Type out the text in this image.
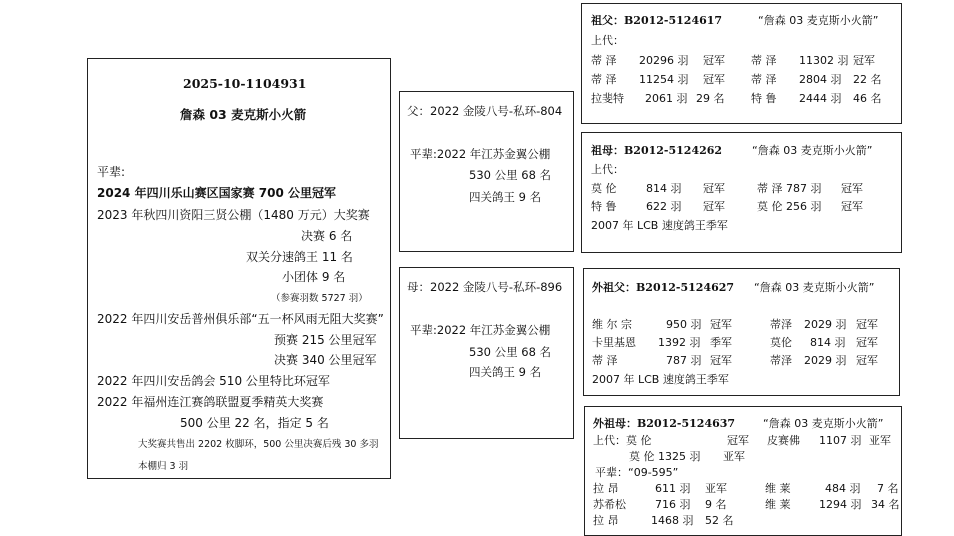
2025-10-1104931
詹森 03 麦克斯小火箭
平辈:
2024 年四川乐山赛区国家赛 700 公里冠军
2023 年秋四川资阳三贤公棚（1480 万元）大奖赛
决赛 6 名
双关分速鸽王 11 名
小团体 9 名
（参赛羽数 5727 羽）
2022 年四川安岳普州俱乐部“五一杯风雨无阻大奖赛”
预赛 215 公里冠军
决赛 340 公里冠军
2022 年四川安岳鸽会 510 公里特比环冠军
2022 年福州连江赛鸽联盟夏季精英大奖赛
500 公里 22 名，指定 5 名
大奖赛共售出 2202 枚脚环，500 公里决赛后残 30 多羽
本棚归 3 羽
父：2022 金陵八号-私环-804
平辈:2022 年江苏金翼公棚
530 公里 68 名
四关鸽王 9 名
母：2022 金陵八号-私环-896
平辈:2022 年江苏金翼公棚
530 公里 68 名
四关鸽王 9 名
祖父：B2012-5124617	“詹森 03 麦克斯小火箭”
上代：
蒂 泽 20296 羽 冠军 蒂 泽 11302 羽 冠军
蒂 泽 11254 羽 冠军 蒂 泽 2804 羽 22 名
拉斐特 2061 羽 29 名 特 鲁 2444 羽 46 名
祖母：B2012-5124262	“詹森 03 麦克斯小火箭”
上代：
莫 伦	814 羽 冠军	蒂 泽 787 羽 冠军
特 鲁	622 羽 冠军	莫 伦 256 羽 冠军
2007 年 LCB 速度鸽王季军
外祖父：B2012-5124627 “詹森 03 麦克斯小火箭”
维 尔 宗	950 羽 冠军	蒂泽 2029 羽 冠军
卡里基恩 1392 羽 季军	莫伦 814 羽 冠军
蒂 泽	787 羽 冠军	蒂泽 2029 羽 冠军
2007 年 LCB 速度鸽王季军
外祖母：B2012-5124637	“詹森 03 麦克斯小火箭”
上代：莫 伦	冠军 皮赛佛 1107 羽 亚军
莫 伦 1325 羽 亚军
平辈：“09-595”
拉 昂	611 羽 亚军	维 莱	484 羽 7 名
苏希松	716 羽 9 名	维 莱	1294 羽 34 名
拉 昂	1468 羽 52 名
